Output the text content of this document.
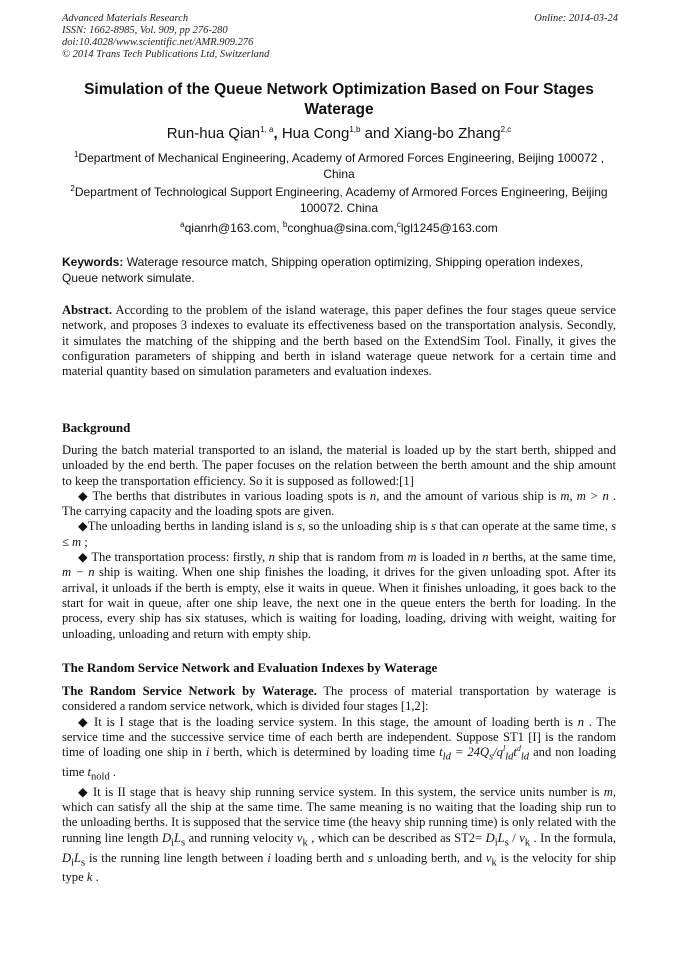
Advanced Materials Research
ISSN: 1662-8985, Vol. 909, pp 276-280
doi:10.4028/www.scientific.net/AMR.909.276
© 2014 Trans Tech Publications Ltd, Switzerland
Online: 2014-03-24
Simulation of the Queue Network Optimization Based on Four Stages Waterage
Run-hua Qian$^{1, a}$, Hua Cong$^{1,b}$ and Xiang-bo Zhang$^{2,c}$
$^1$Department of Mechanical Engineering, Academy of Armored Forces Engineering, Beijing 100072 , China
$^2$Department of Technological Support Engineering, Academy of Armored Forces Engineering, Beijing 100072. China
$^a$qianrh@163.com, $^b$conghua@sina.com,$^c$lgl1245@163.com
Keywords: Waterage resource match, Shipping operation optimizing, Shipping operation indexes, Queue network simulate.
Abstract. According to the problem of the island waterage, this paper defines the four stages queue service network, and proposes 3 indexes to evaluate its effectiveness based on the transportation analysis. Secondly, it simulates the matching of the shipping and the berth based on the ExtendSim Tool. Finally, it gives the configuration parameters of shipping and berth in island waterage queue network for a certain time and material quantity based on simulation parameters and evaluation indexes.
Background

During the batch material transported to an island, the material is loaded up by the start berth, shipped and unloaded by the end berth. The paper focuses on the relation between the berth amount and the ship amount to keep the transportation efficiency. So it is supposed as followed:[1]

◆ The berths that distributes in various loading spots is n, and the amount of various ship is m, m > n . The carrying capacity and the loading spots are given.

◆The unloading berths in landing island is s, so the unloading ship is s that can operate at the same time, s ≤ m ;

◆ The transportation process: firstly, n ship that is random from m is loaded in n berths, at the same time, m − n ship is waiting. When one ship finishes the loading, it drives for the given unloading spot. After its arrival, it unloads if the berth is empty, else it waits in queue. When it finishes unloading, it goes back to the start for wait in queue, after one ship leave, the next one in the queue enters the berth for loading. In the process, every ship has six statuses, which is waiting for loading, loading, driving with weight, waiting for unloading, unloading and return with empty ship.

The Random Service Network and Evaluation Indexes by Waterage

The Random Service Network by Waterage. The process of material transportation by waterage is considered a random service network, which is divided four stages [1,2]:

◆ It is I stage that is the loading service system. In this stage, the amount of loading berth is n . The service time and the successive service time of each berth are independent. Suppose ST1 [I] is the random time of loading one ship in i berth, which is determined by loading time $t_{ld} = 24Q_s/q^l_{ld}t^d_{ld}$ and non loading time $t_{nold}$ .

◆ It is II stage that is heavy ship running service system. In this system, the service units number is m, which can satisfy all the ship at the same time. The same meaning is no waiting that the loading ship run to the unloading berths. It is supposed that the service time (the heavy ship running time) is only related with the running line length $D_iL_s$ and running velocity $v_k$ , which can be described as $ST2= D_iL_s / v_k$ . In the formula, $D_iL_s$ is the running line length between i loading berth and s unloading berth, and $v_k$ is the velocity for ship type k .
